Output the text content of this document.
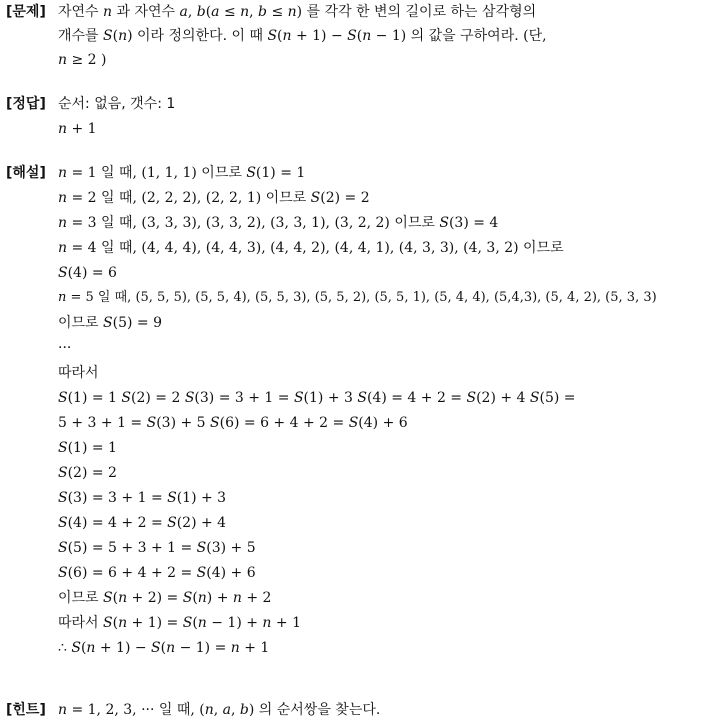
[문제] 자연수 𝑛 과 자연수 𝑎, 𝑏(𝑎 ≤ 𝑛, 𝑏 ≤ 𝑛) 를 각각 한 변의 길이로 하는 삼각형의
개수를 𝑆(𝑛) 이라 정의한다. 이 때 𝑆(𝑛 + 1) − 𝑆(𝑛 − 1) 의 값을 구하여라. (단,
𝑛 ≥ 2 )
[정답] 순서: 없음, 갯수: 1
𝑛 + 1
[해설] 𝑛 = 1 일 때, (1, 1, 1) 이므로 𝑆(1) = 1
𝑛 = 2 일 때, (2, 2, 2), (2, 2, 1) 이므로 𝑆(2) = 2
𝑛 = 3 일 때, (3, 3, 3), (3, 3, 2), (3, 3, 1), (3, 2, 2) 이므로 𝑆(3) = 4
𝑛 = 4 일 때, (4, 4, 4), (4, 4, 3), (4, 4, 2), (4, 4, 1), (4, 3, 3), (4, 3, 2) 이므로
𝑆(4) = 6
𝑛 = 5 일 때, (5, 5, 5), (5, 5, 4), (5, 5, 3), (5, 5, 2), (5, 5, 1), (5, 4, 4), (5,4,3), (5, 4, 2), (5, 3, 3)
이므로 𝑆(5) = 9
···
따라서
𝑆(1) = 1 𝑆(2) = 2 𝑆(3) = 3 + 1 = 𝑆(1) + 3 𝑆(4) = 4 + 2 = 𝑆(2) + 4 𝑆(5) =
5 + 3 + 1 = 𝑆(3) + 5 𝑆(6) = 6 + 4 + 2 = 𝑆(4) + 6
𝑆(1) = 1
𝑆(2) = 2
𝑆(3) = 3 + 1 = 𝑆(1) + 3
𝑆(4) = 4 + 2 = 𝑆(2) + 4
𝑆(5) = 5 + 3 + 1 = 𝑆(3) + 5
𝑆(6) = 6 + 4 + 2 = 𝑆(4) + 6
이므로 𝑆(𝑛 + 2) = 𝑆(𝑛) + 𝑛 + 2
따라서 𝑆(𝑛 + 1) = 𝑆(𝑛 − 1) + 𝑛 + 1
∴ 𝑆(𝑛 + 1) − 𝑆(𝑛 − 1) = 𝑛 + 1
[힌트] 𝑛 = 1, 2, 3, ··· 일 때, (𝑛, 𝑎, 𝑏) 의 순서쌍을 찾는다.
